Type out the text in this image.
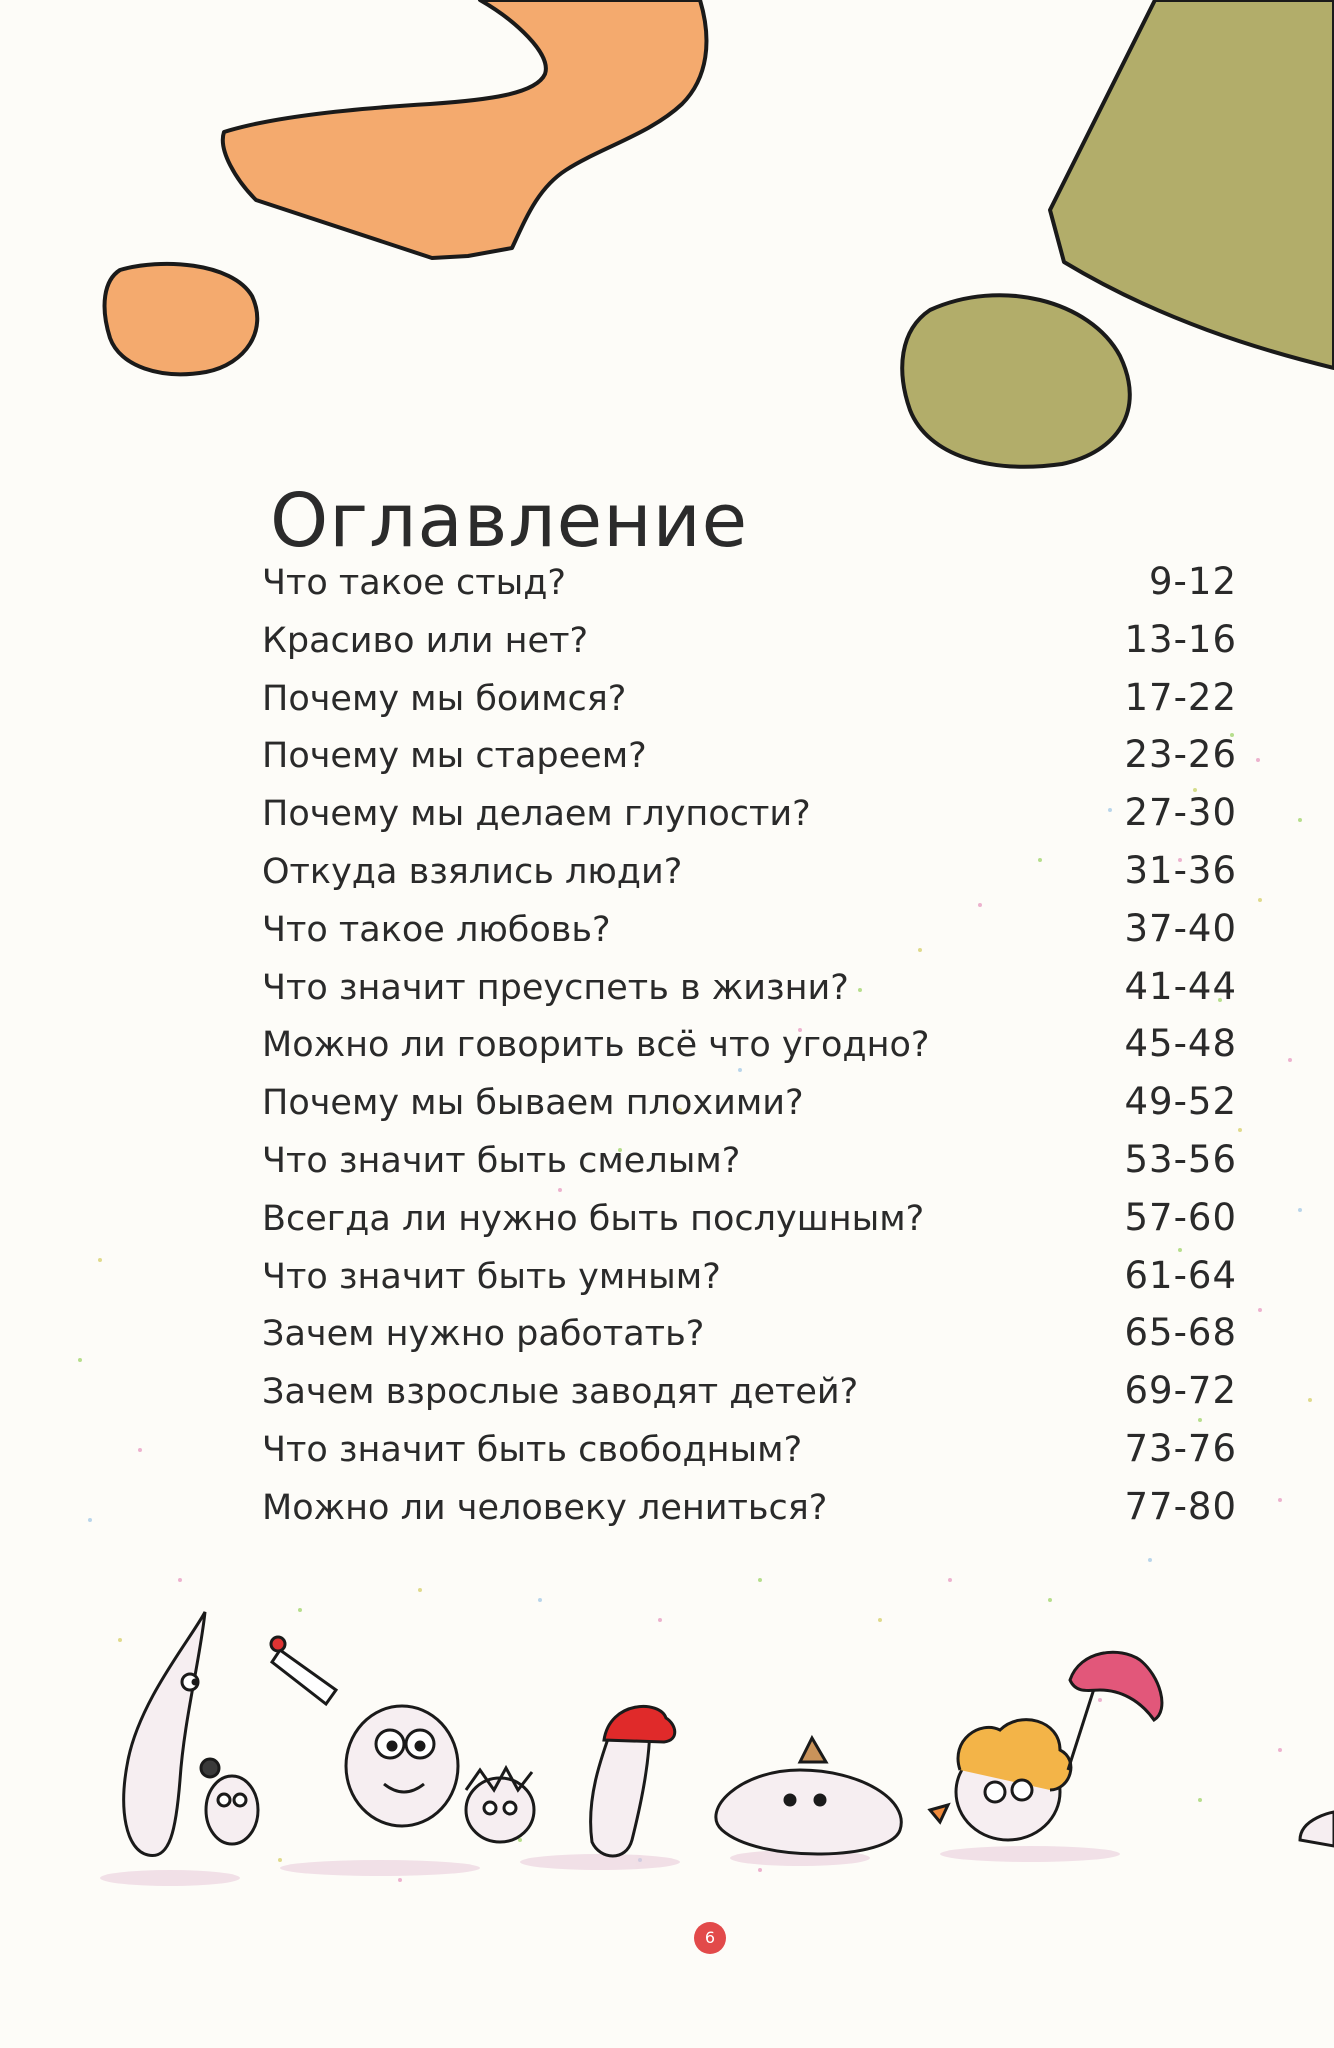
Оглавление
Что такое стыд?	9-12
Красиво или нет?	13-16
Почему мы боимся?	17-22
Почему мы стареем?	23-26
Почему мы делаем глупости?	27-30
Откуда взялись люди?	31-36
Что такое любовь?	37-40
Что значит преуспеть в жизни?	41-44
Можно ли говорить всё что угодно?	45-48
Почему мы бываем плохими?	49-52
Что значит быть смелым?	53-56
Всегда ли нужно быть послушным?	57-60
Что значит быть умным?	61-64
Зачем нужно работать?	65-68
Зачем взрослые заводят детей?	69-72
Что значит быть свободным?	73-76
Можно ли человеку лениться?	77-80
6
